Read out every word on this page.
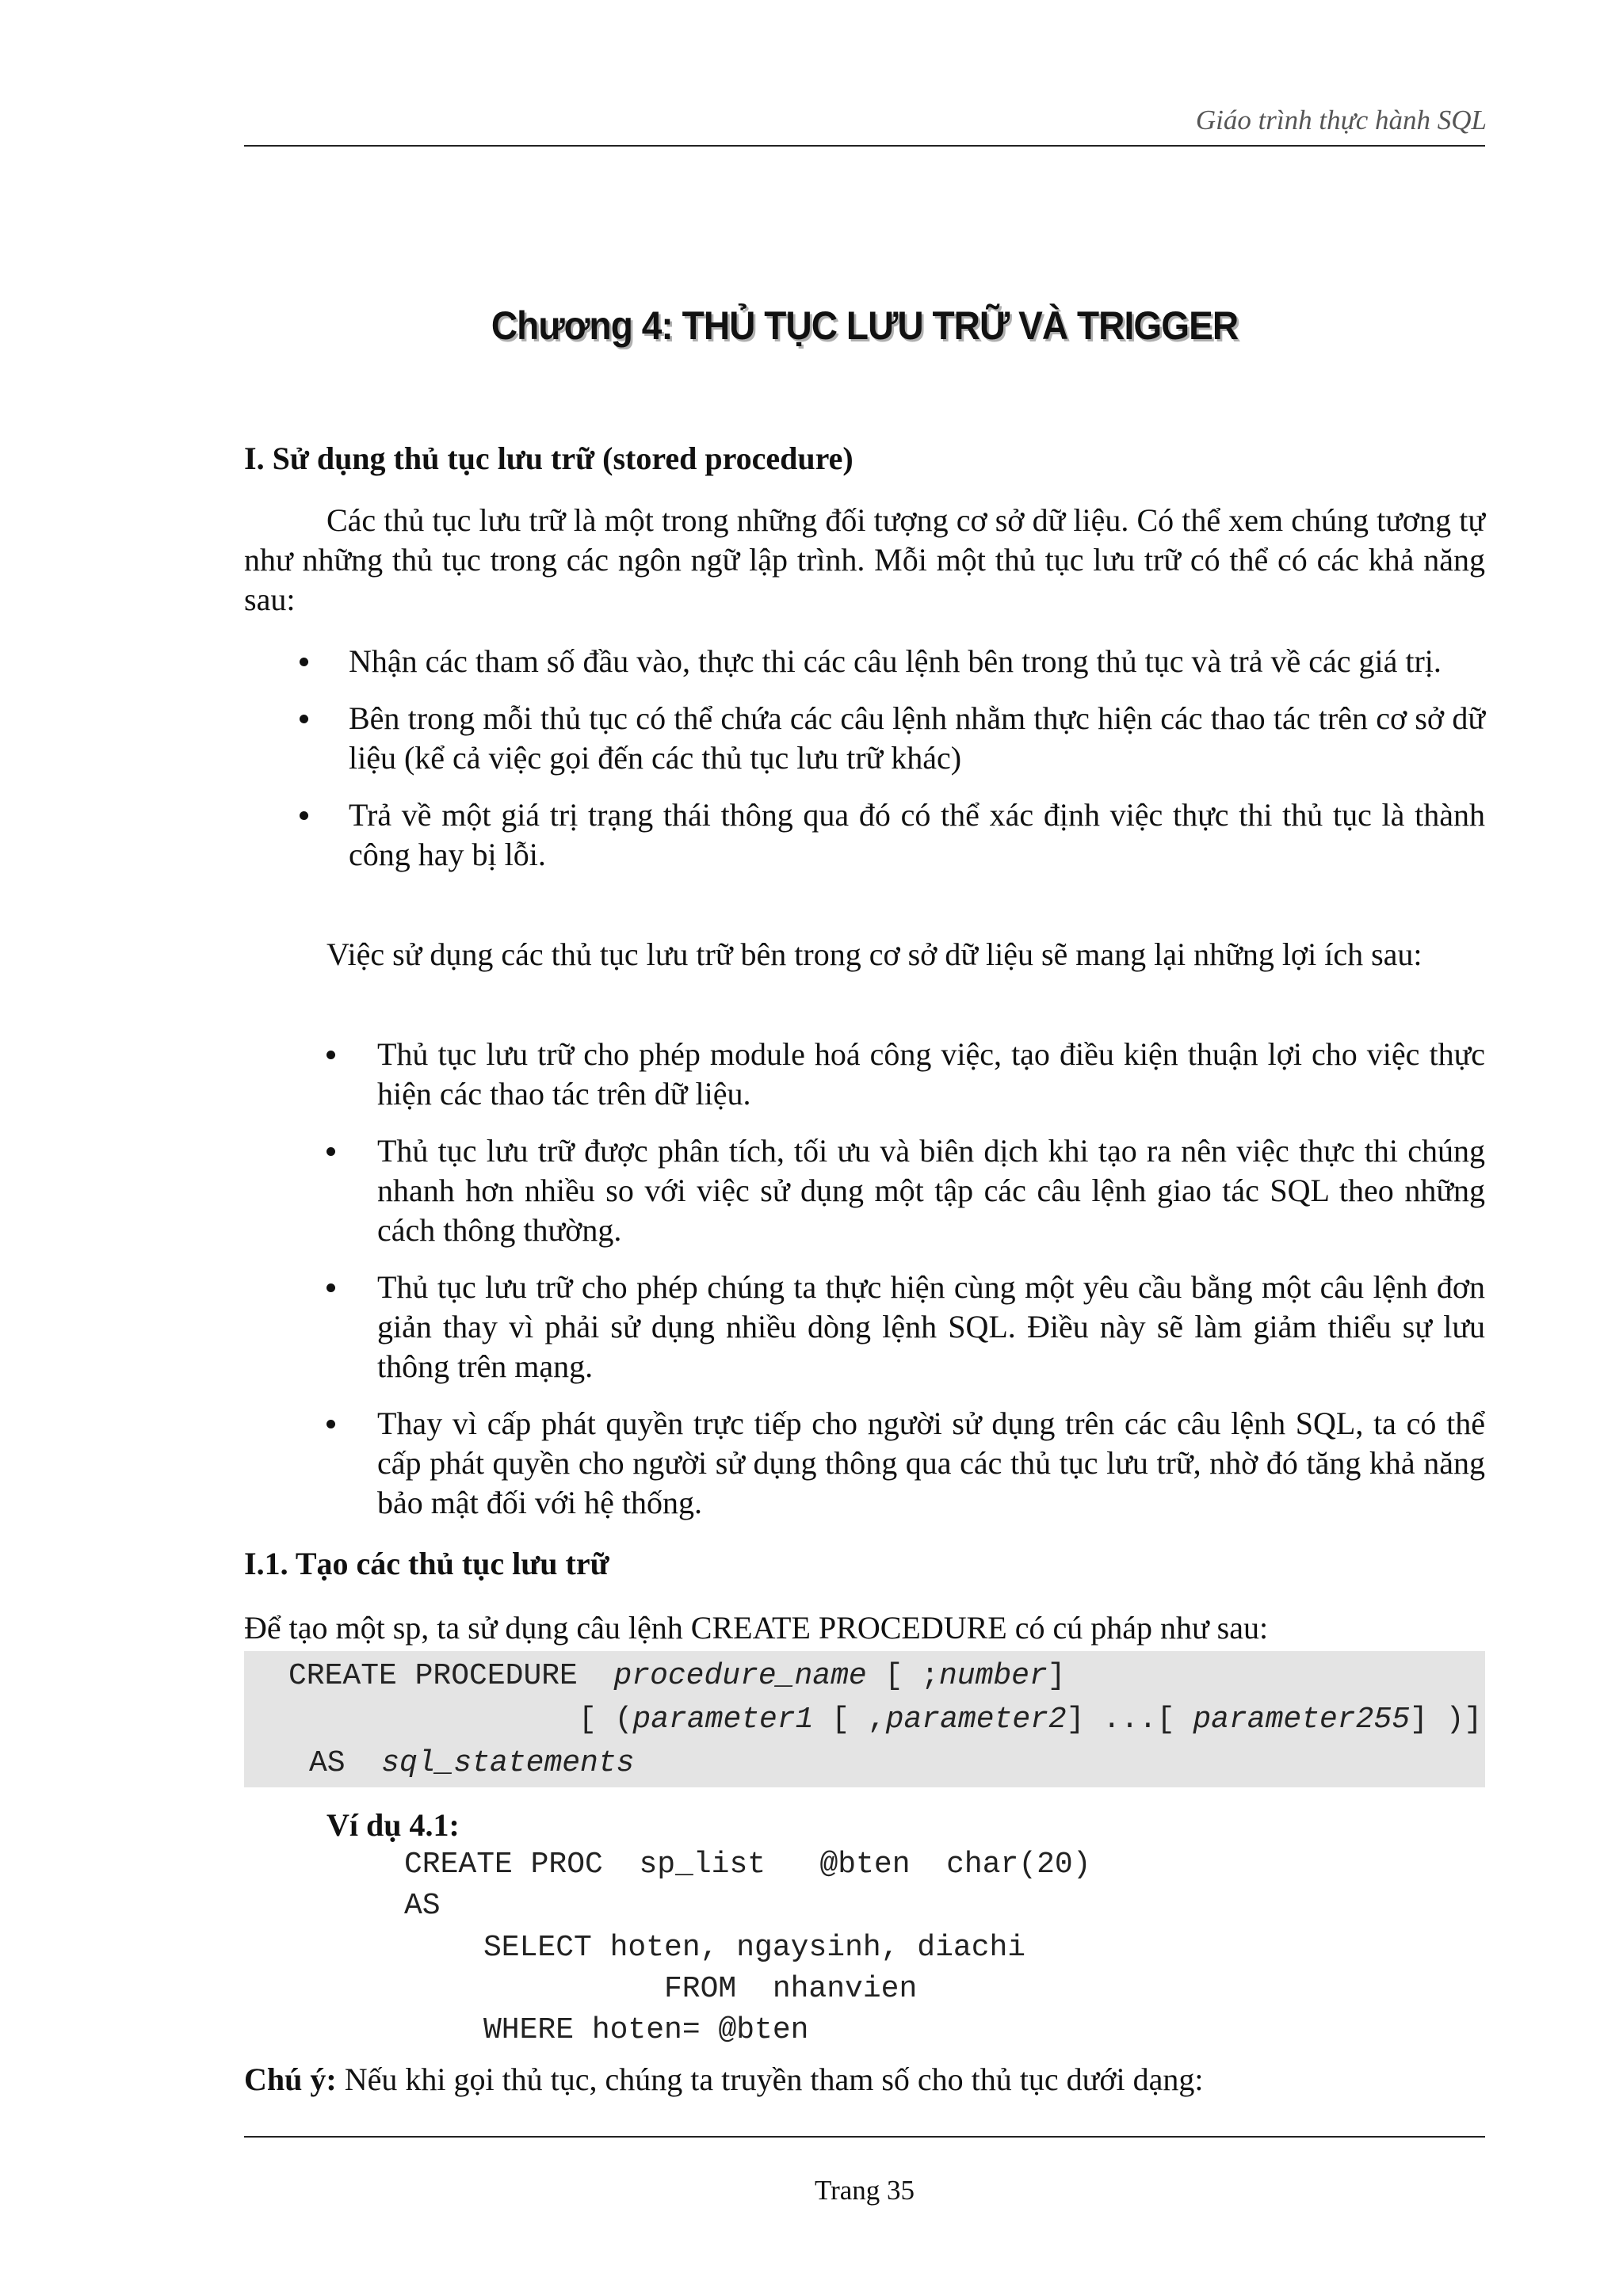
Giáo trình thực hành SQL
Chương 4: THỦ TỤC LƯU TRỮ VÀ TRIGGER
I. Sử dụng thủ tục lưu trữ (stored procedure)
Các thủ tục lưu trữ là một trong những đối tượng cơ sở dữ liệu. Có thể xem chúng tương tự như những thủ tục trong các ngôn ngữ lập trình. Mỗi một thủ tục lưu trữ có thể có các khả năng sau:
Nhận các tham số đầu vào, thực thi các câu lệnh bên trong thủ tục và trả về các giá trị.
Bên trong mỗi thủ tục có thể chứa các câu lệnh nhằm thực hiện các thao tác trên cơ sở dữ liệu (kể cả việc gọi đến các thủ tục lưu trữ khác)
Trả về một giá trị trạng thái thông qua đó có thể xác định việc thực thi thủ tục là thành công hay bị lỗi.
Việc sử dụng các thủ tục lưu trữ bên trong cơ sở dữ liệu sẽ mang lại những lợi ích sau:
Thủ tục lưu trữ cho phép module hoá công việc, tạo điều kiện thuận lợi cho việc thực hiện các thao tác trên dữ liệu.
Thủ tục lưu trữ được phân tích, tối ưu và biên dịch khi tạo ra nên việc thực thi chúng nhanh hơn nhiều so với việc sử dụng một tập các câu lệnh giao tác SQL theo những cách thông thường.
Thủ tục lưu trữ cho phép chúng ta thực hiện cùng một yêu cầu bằng một câu lệnh đơn giản thay vì phải sử dụng nhiều dòng lệnh SQL. Điều này sẽ làm giảm thiểu sự lưu thông trên mạng.
Thay vì cấp phát quyền trực tiếp cho người sử dụng trên các câu lệnh SQL, ta có thể cấp phát quyền cho người sử dụng thông qua các thủ tục lưu trữ, nhờ đó tăng khả năng bảo mật đối với hệ thống.
I.1. Tạo các thủ tục lưu trữ
Để tạo một sp, ta sử dụng câu lệnh CREATE PROCEDURE có cú pháp như sau:
CREATE PROCEDURE procedure_name [ ;number]
[ (parameter1 [ ,parameter2] ...[ parameter255] )]
AS sql_statements
Ví dụ 4.1:
CREATE PROC  sp_list   @bten  char(20)
AS
SELECT hoten, ngaysinh, diachi
FROM  nhanvien
WHERE hoten= @bten
Chú ý: Nếu khi gọi thủ tục, chúng ta truyền tham số cho thủ tục dưới dạng:
Trang 35
